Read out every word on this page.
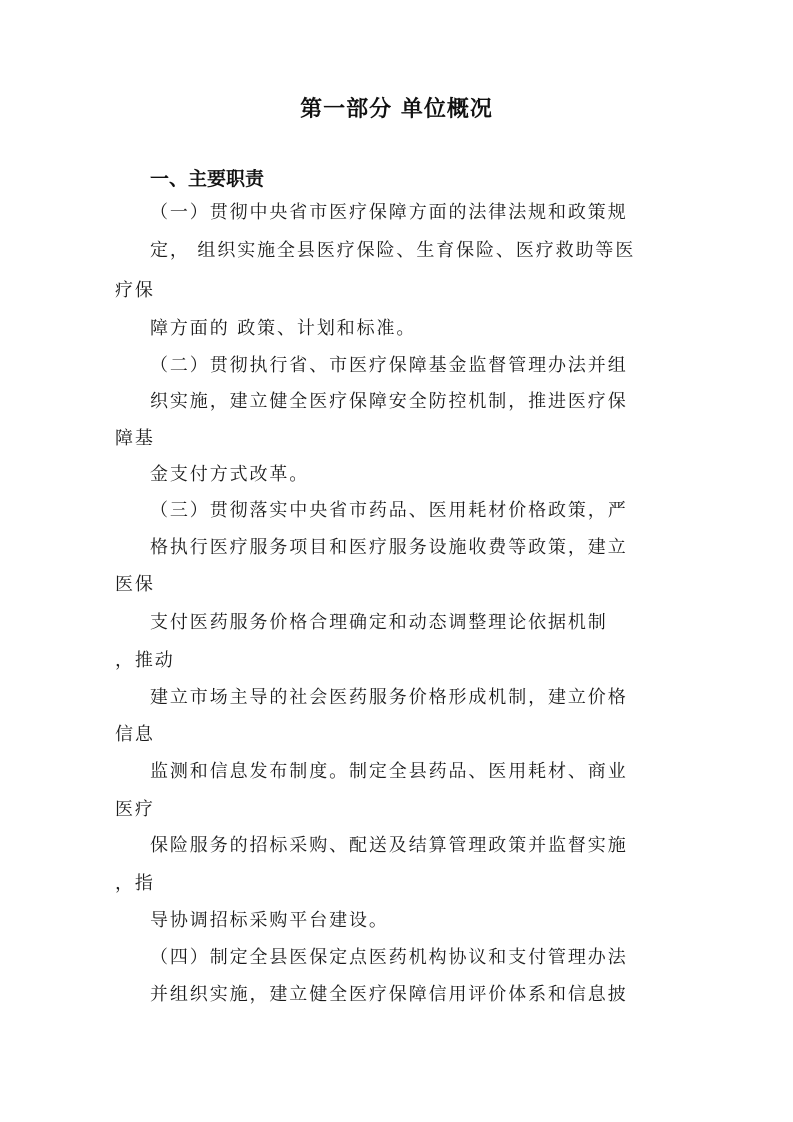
第一部分 单位概况
一、主要职责
（一）贯彻中央省市医疗保障方面的法律法规和政策规
定， 组织实施全县医疗保险、生育保险、医疗救助等医
疗保
障方面的 政策、计划和标准。
（二）贯彻执行省、市医疗保障基金监督管理办法并组
织实施，建立健全医疗保障安全防控机制，推进医疗保
障基
金支付方式改革。
（三）贯彻落实中央省市药品、医用耗材价格政策，严
格执行医疗服务项目和医疗服务设施收费等政策，建立
医保
支付医药服务价格合理确定和动态调整理论依据机制
，推动
建立市场主导的社会医药服务价格形成机制，建立价格
信息
监测和信息发布制度。制定全县药品、医用耗材、商业
医疗
保险服务的招标采购、配送及结算管理政策并监督实施
，指
导协调招标采购平台建设。
（四）制定全县医保定点医药机构协议和支付管理办法
并组织实施，建立健全医疗保障信用评价体系和信息披
